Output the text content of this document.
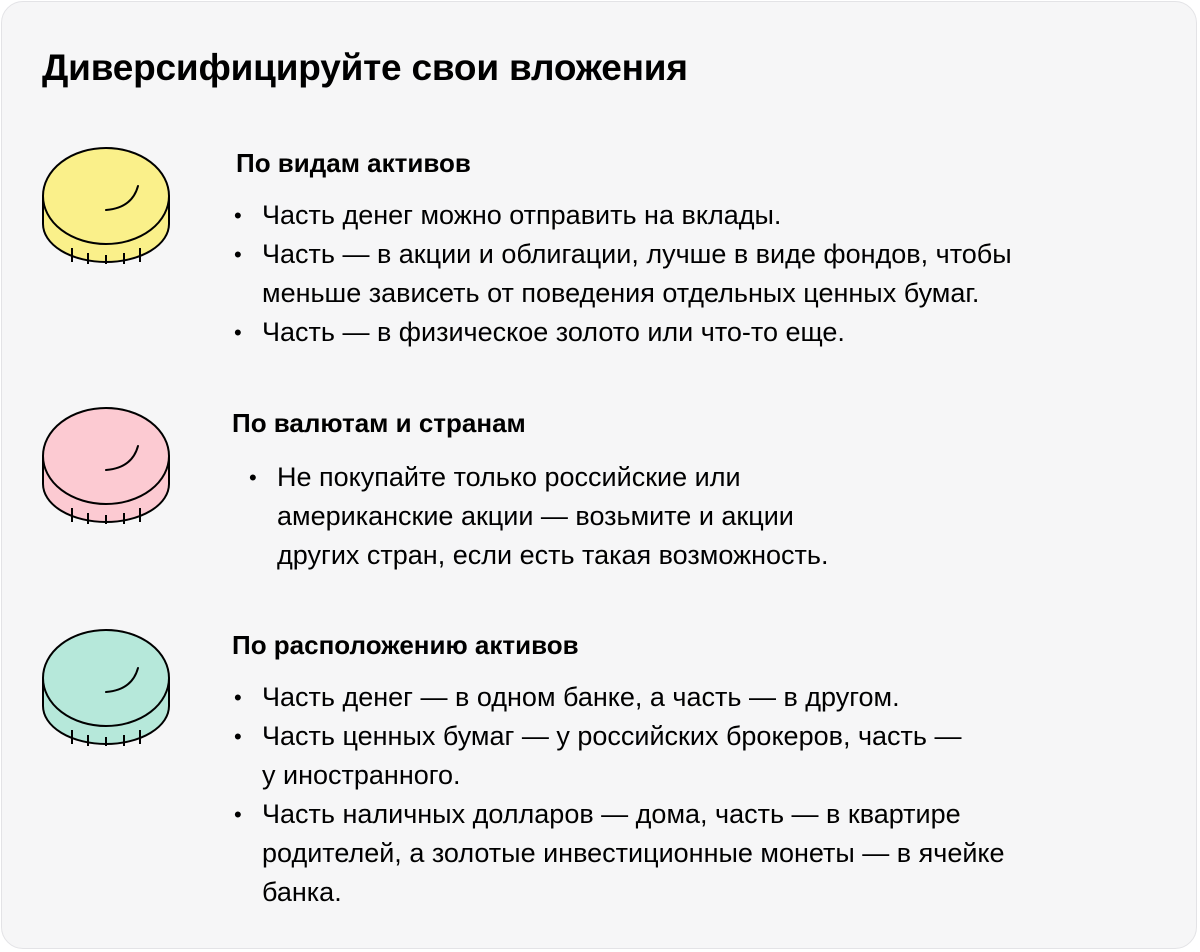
Диверсифицируйте свои вложения
По видам активов
• Часть денег можно отправить на вклады.
• Часть — в акции и облигации, лучше в виде фондов, чтобы
меньше зависеть от поведения отдельных ценных бумаг.
• Часть — в физическое золото или что-то еще.
По валютам и странам
• Не покупайте только российские или
американские акции — возьмите и акции
других стран, если есть такая возможность.
По расположению активов
• Часть денег — в одном банке, а часть — в другом.
• Часть ценных бумаг — у российских брокеров, часть —
у иностранного.
• Часть наличных долларов — дома, часть — в квартире
родителей, а золотые инвестиционные монеты — в ячейке
банка.
